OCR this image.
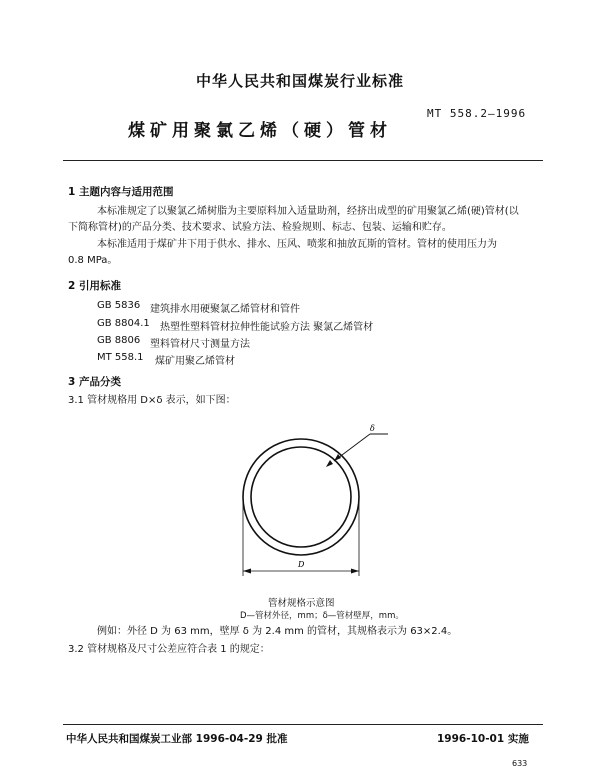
中华人民共和国煤炭行业标准
煤矿用聚氯乙烯（硬）管材
MT 558.2—1996
1 主题内容与适用范围
本标准规定了以聚氯乙烯树脂为主要原料加入适量助剂，经挤出成型的矿用聚氯乙烯(硬)管材(以
下简称管材)的产品分类、技术要求、试验方法、检验规则、标志、包装、运输和贮存。
本标准适用于煤矿井下用于供水、排水、压风、喷浆和抽放瓦斯的管材。管材的使用压力为
0.8 MPa。
2 引用标准
GB 5836 建筑排水用硬聚氯乙烯管材和管件
GB 8804.1 热塑性塑料管材拉伸性能试验方法 聚氯乙烯管材
GB 8806 塑料管材尺寸测量方法
MT 558.1 煤矿用聚乙烯管材
3 产品分类
3.1 管材规格用 D×δ 表示，如下图：
δ
D
管材规格示意图
D—管材外径，mm；δ—管材壁厚，mm。
例如：外径 D 为 63 mm，壁厚 δ 为 2.4 mm 的管材，其规格表示为 63×2.4。
3.2 管材规格及尺寸公差应符合表 1 的规定：
中华人民共和国煤炭工业部 1996-04-29 批准	1996-10-01 实施
633
